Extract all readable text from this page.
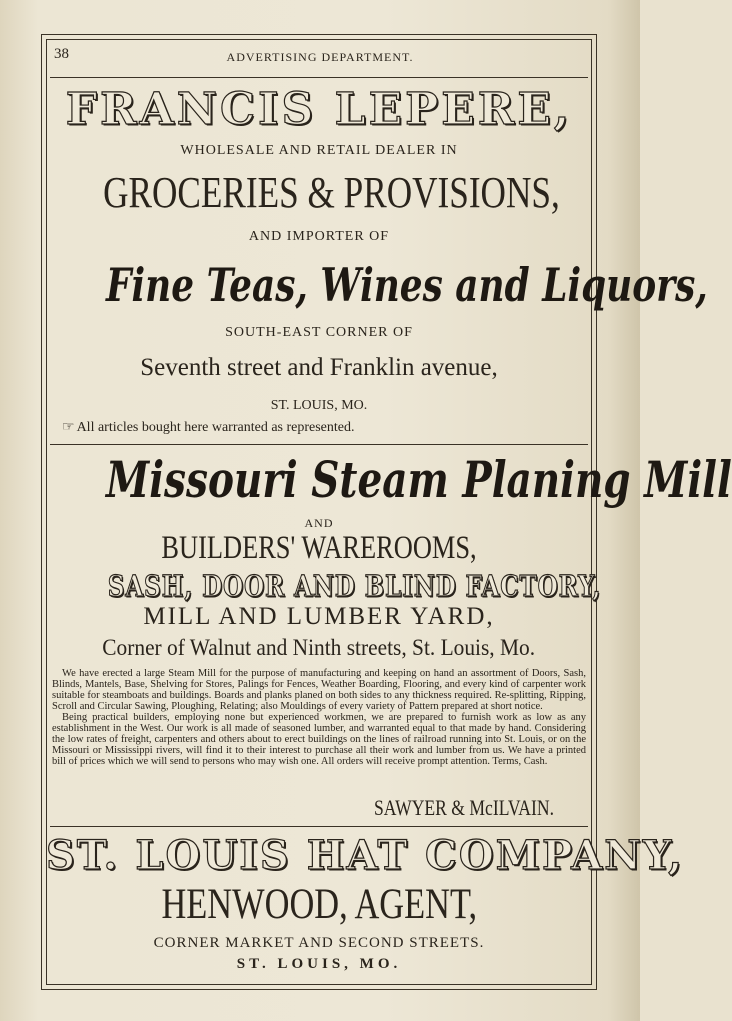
38	ADVERTISING DEPARTMENT.
FRANCIS LEPERE,
WHOLESALE AND RETAIL DEALER IN
GROCERIES & PROVISIONS,
AND IMPORTER OF
Fine Teas, Wines and Liquors,
SOUTH-EAST CORNER OF
Seventh street and Franklin avenue,
ST. LOUIS, MO.
☞ All articles bought here warranted as represented.
Missouri Steam Planing Mill
AND
BUILDERS' WAREROOMS,
SASH, DOOR AND BLIND FACTORY,
MILL AND LUMBER YARD,
Corner of Walnut and Ninth streets, St. Louis, Mo.

We have erected a large Steam Mill for the purpose of manufacturing and keeping on hand an assortment of Doors, Sash, Blinds, Mantels, Base, Shelving for Stores, Palings for Fences, Weather Boarding, Flooring, and every kind of carpenter work suitable for steamboats and buildings. Boards and planks planed on both sides to any thickness required. Re-splitting, Ripping, Scroll and Circular Sawing, Ploughing, Relating; also Mouldings of every variety of Pattern prepared at short notice.

Being practical builders, employing none but experienced workmen, we are prepared to furnish work as low as any establishment in the West. Our work is all made of seasoned lumber, and warranted equal to that made by hand. Considering the low rates of freight, carpenters and others about to erect buildings on the lines of railroad running into St. Louis, or on the Missouri or Mississippi rivers, will find it to their interest to purchase all their work and lumber from us. We have a printed bill of prices which we will send to persons who may wish one. All orders will receive prompt attention. Terms, Cash.

SAWYER & McILVAIN.
ST. LOUIS HAT COMPANY,
HENWOOD, AGENT,
CORNER MARKET AND SECOND STREETS.
ST. LOUIS, MO.
